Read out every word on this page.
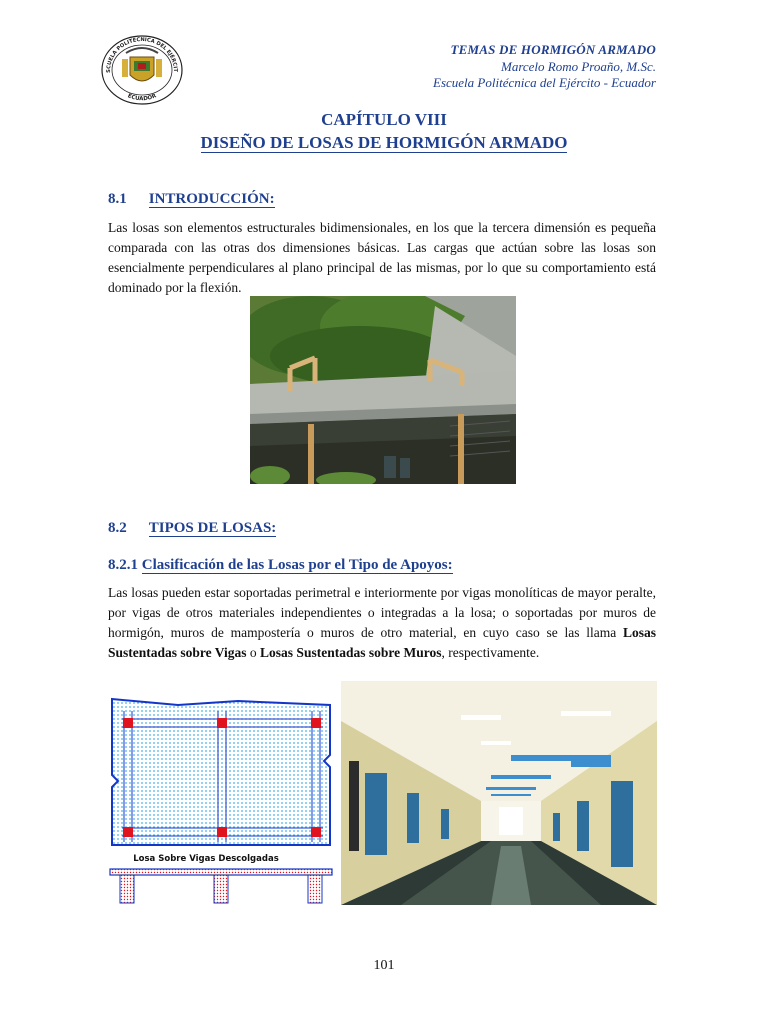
SCUELA POLITÉCNICA DEL EJÉRCIT
ECUADOR
TEMAS DE HORMIGÓN ARMADO
Marcelo Romo Proaño, M.Sc.
Escuela Politécnica del Ejército - Ecuador
CAPÍTULO VIII
DISEÑO DE LOSAS DE HORMIGÓN ARMADO
8.1 INTRODUCCIÓN:

Las losas son elementos estructurales bidimensionales, en los que la tercera dimensión es pequeña comparada con las otras dos dimensiones básicas. Las cargas que actúan sobre las losas son esencialmente perpendiculares al plano principal de las mismas, por lo que su comportamiento está dominado por la flexión.

8.2 TIPOS DE LOSAS:
8.2.1 Clasificación de las Losas por el Tipo de Apoyos:

Las losas pueden estar soportadas perimetral e interiormente por vigas monolíticas de mayor peralte, por vigas de otros materiales independientes o integradas a la losa; o soportadas por muros de hormigón, muros de mampostería o muros de otro material, en cuyo caso se las llama Losas Sustentadas sobre Vigas o Losas Sustentadas sobre Muros, respectivamente.

Losa Sobre Vigas Descolgadas
101
